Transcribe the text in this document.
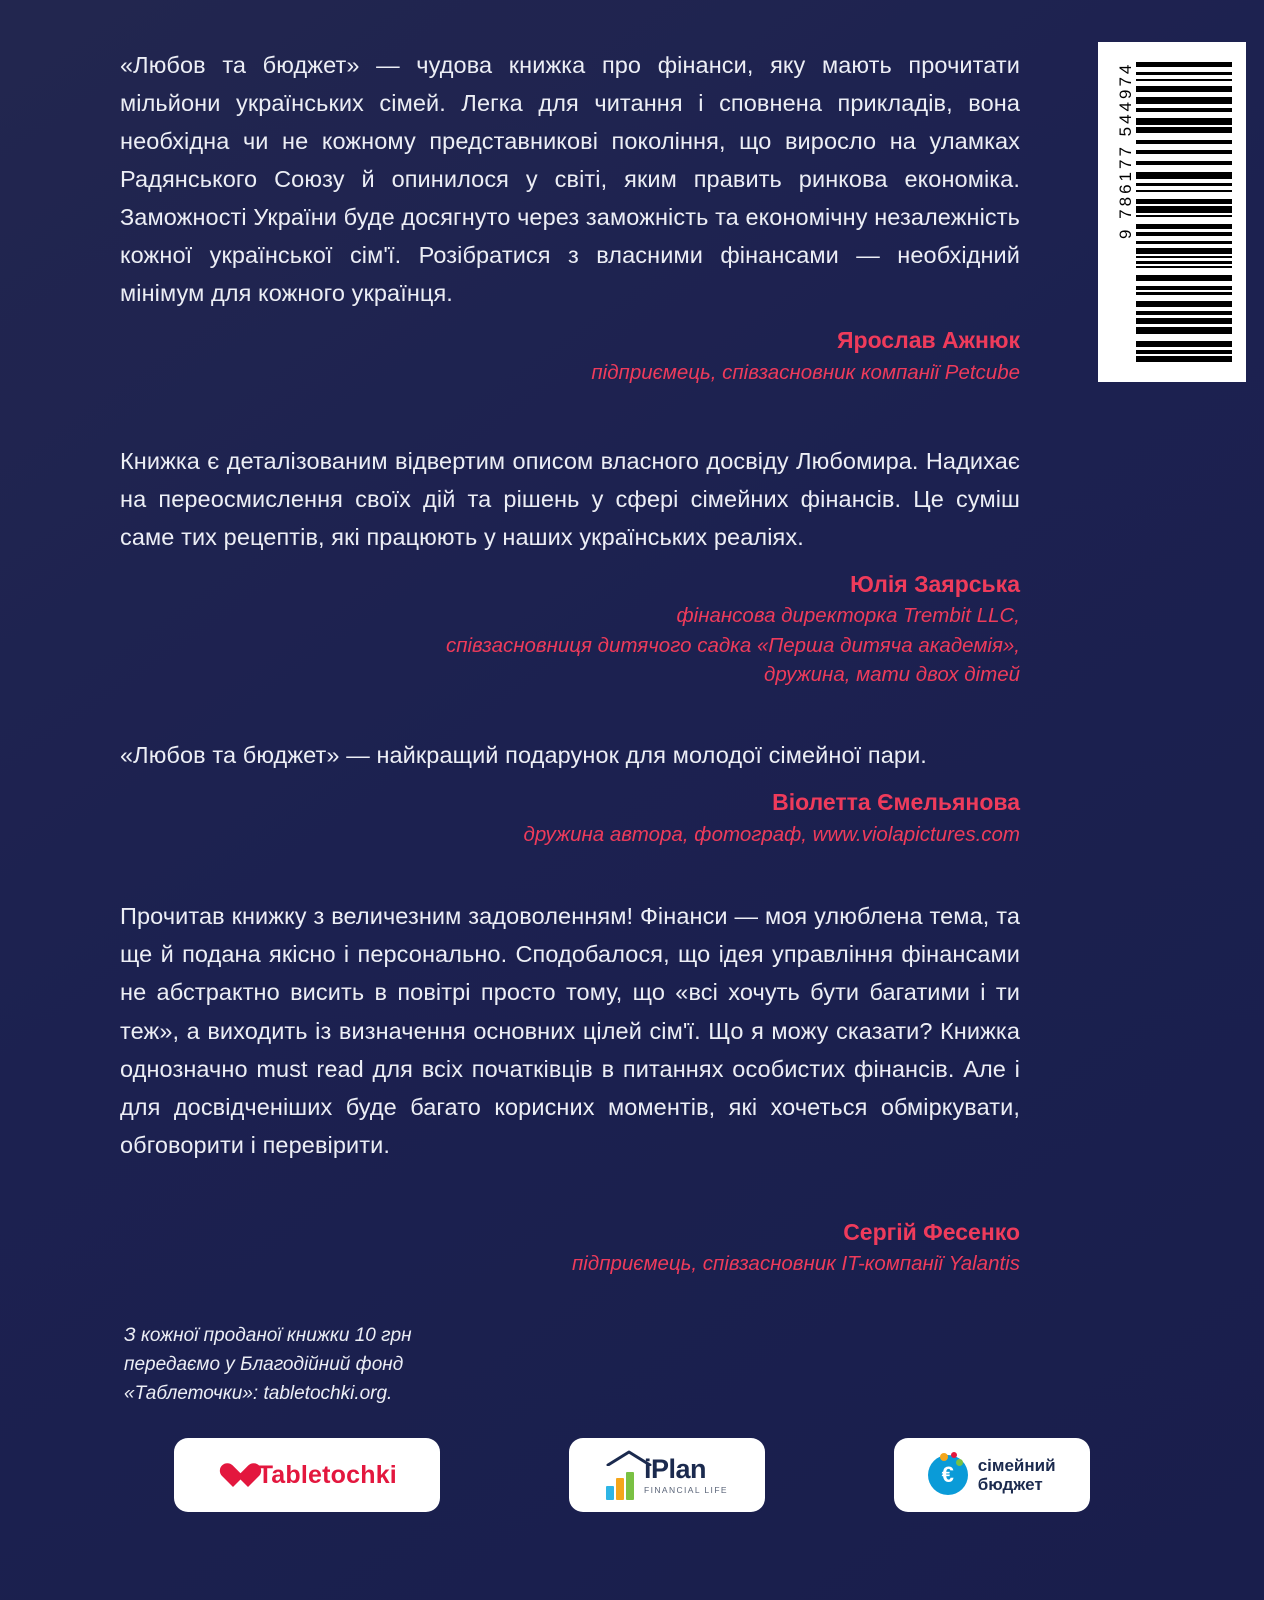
9 786177 544974

«Любов та бюджет» — чудова книжка про фінанси, яку мають прочитати мільйони українських сімей. Легка для читання і сповнена прикладів, вона необхідна чи не кожному представникові покоління, що виросло на уламках Радянського Союзу й опинилося у світі, яким править ринкова економіка. Заможності України буде досягнуто через заможність та економічну незалежність кожної української сім'ї. Розібратися з власними фінансами — необхідний мінімум для кожного українця.

Ярослав Ажнюк
підприємець, співзасновник компанії Petcube

Книжка є деталізованим відвертим описом власного досвіду Любомира. Надихає на переосмислення своїх дій та рішень у сфері сімейних фінансів. Це суміш саме тих рецептів, які працюють у наших українських реаліях.

Юлія Заярська
фінансова директорка Trembit LLC,
співзасновниця дитячого садка «Перша дитяча академія»,
дружина, мати двох дітей

«Любов та бюджет» — найкращий подарунок для молодої сімейної пари.

Віолетта Ємельянова
дружина автора, фотограф, www.violapictures.com

Прочитав книжку з величезним задоволенням! Фінанси — моя улюблена тема, та ще й подана якісно і персонально. Сподобалося, що ідея управління фінансами не абстрактно висить в повітрі просто тому, що «всі хочуть бути багатими і ти теж», а виходить із визначення основних цілей сім'ї. Що я можу сказати? Книжка однозначно must read для всіх початківців в питаннях особистих фінансів. Але і для досвідченіших буде багато корисних моментів, які хочеться обміркувати, обговорити і перевірити.

Сергій Фесенко
підприємець, співзасновник IT-компанії Yalantis
З кожної проданої книжки 10 грн
передаємо у Благодійний фонд
«Таблеточки»: tabletochki.org.
Tabletochki	iPlan
FINANCIAL LIFE
€ сімейний
бюджет
